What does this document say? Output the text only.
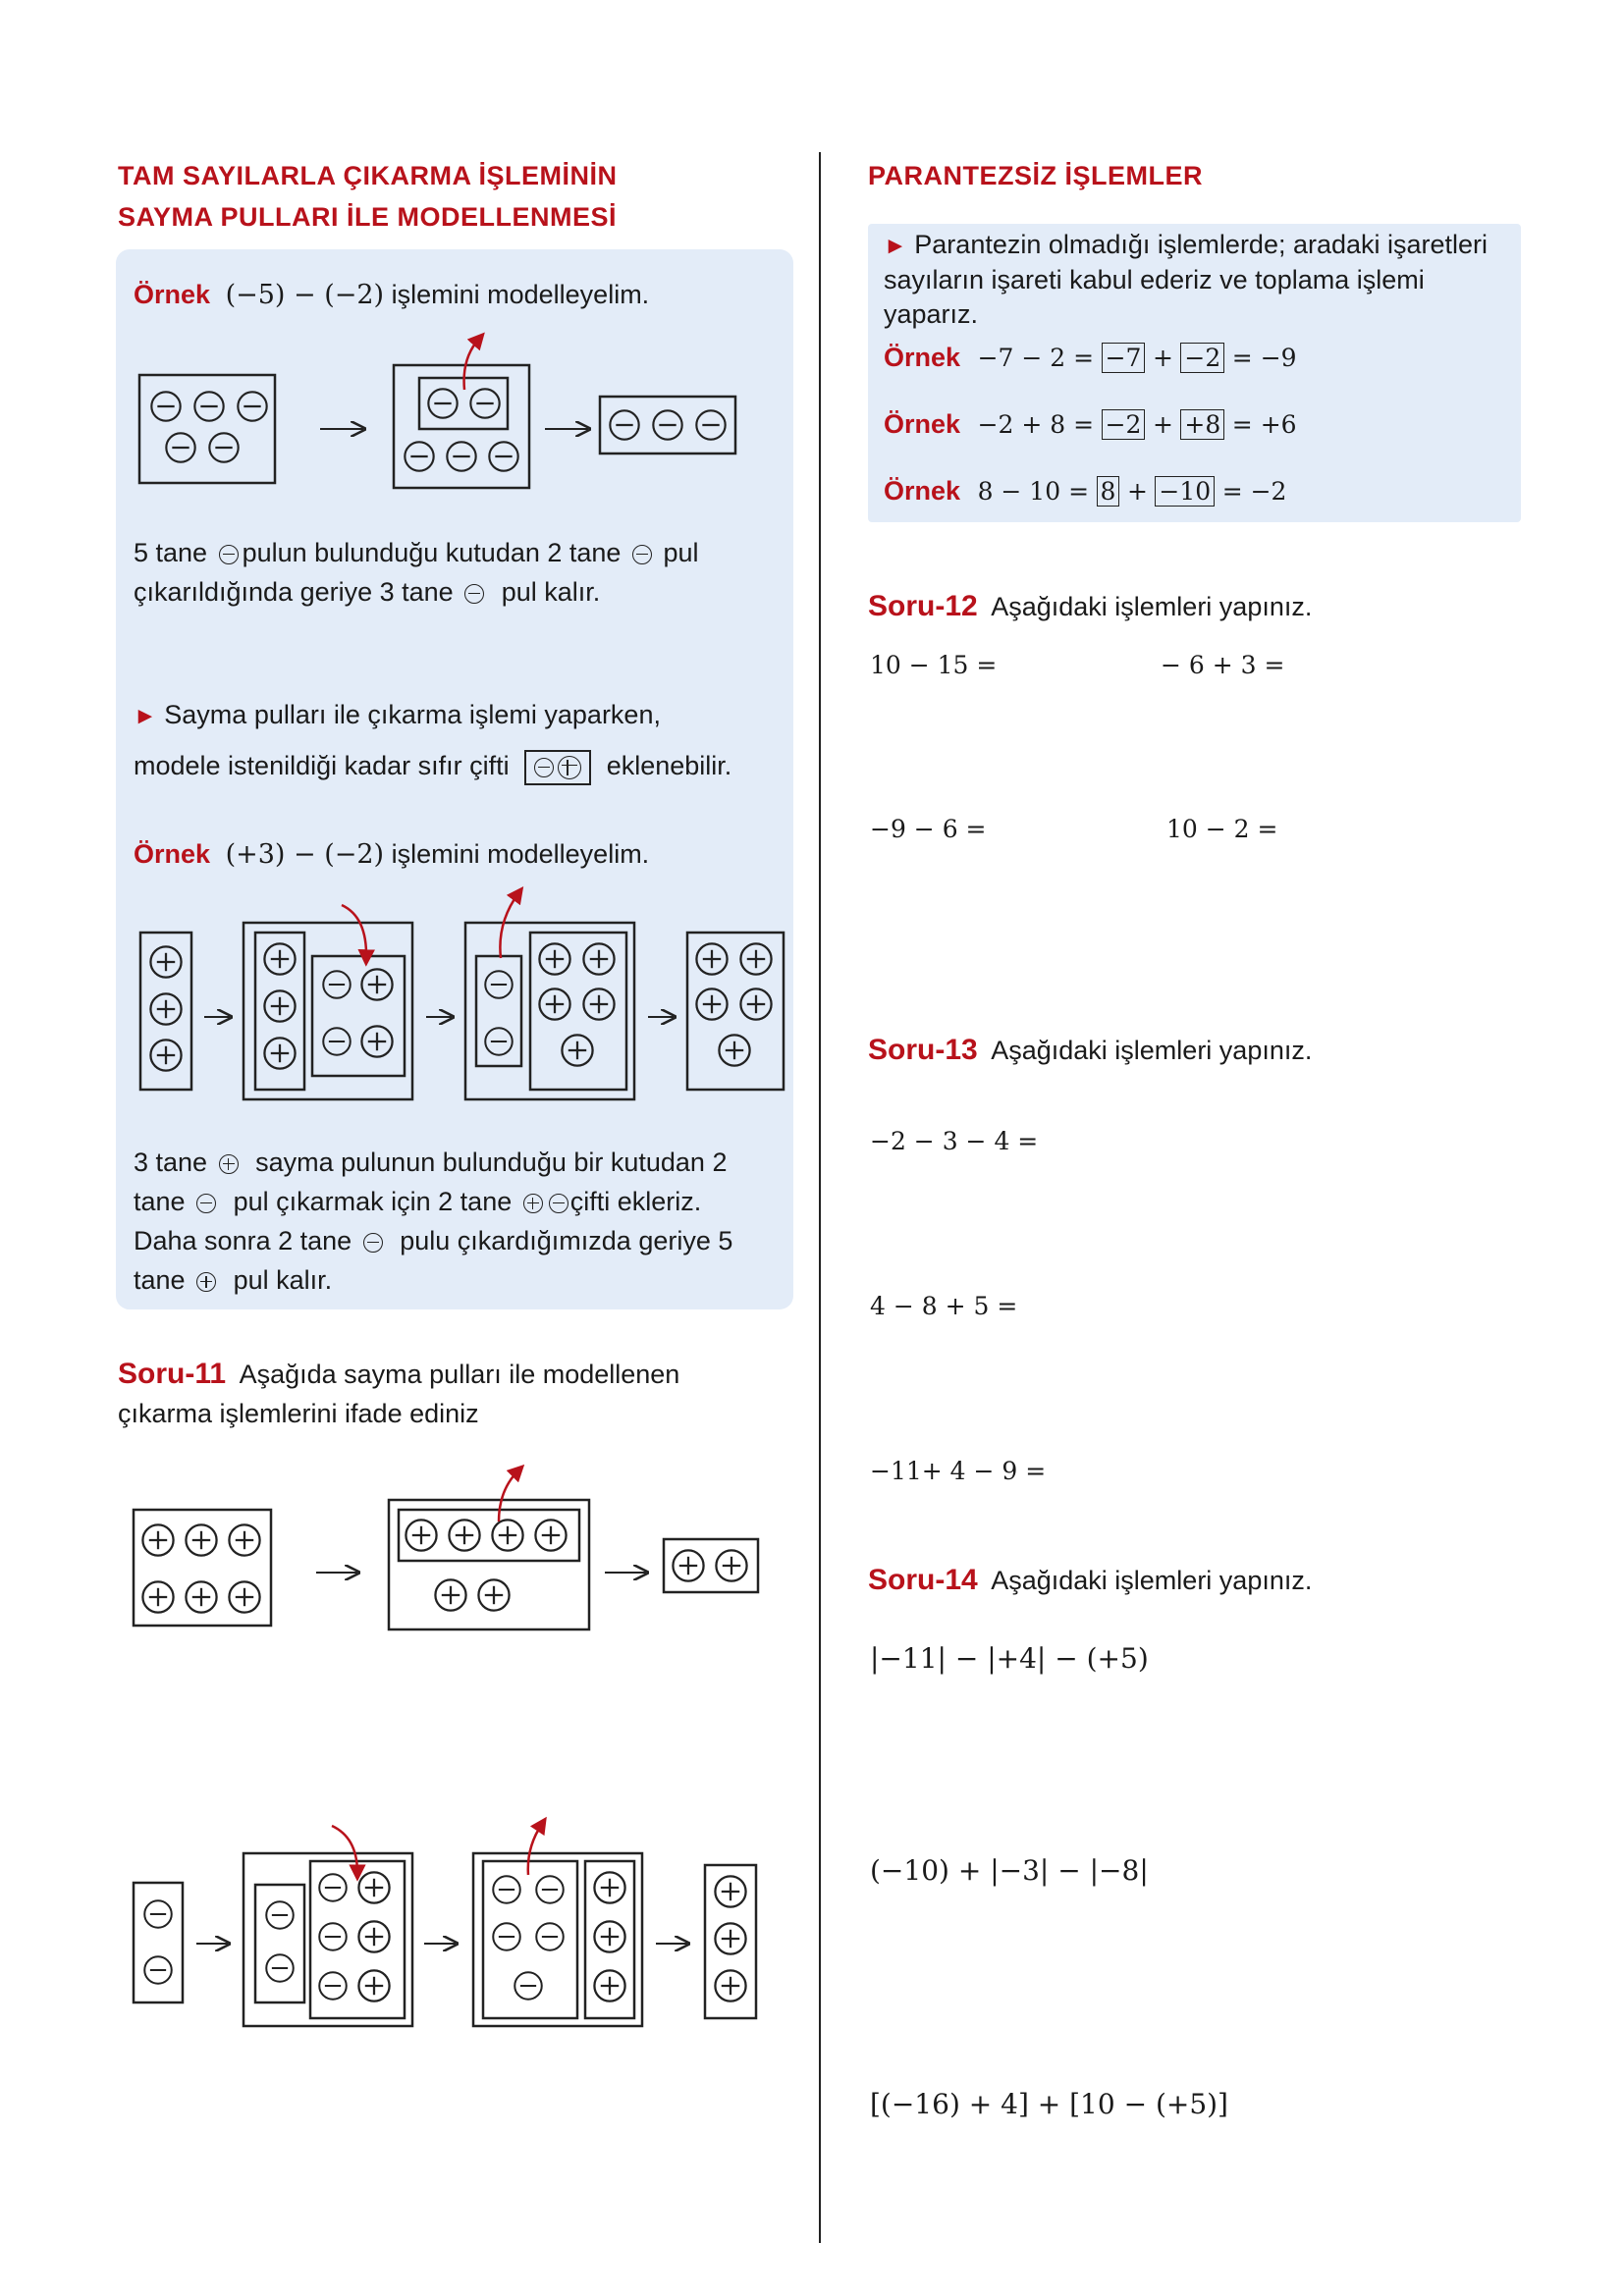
TAM SAYILARLA ÇIKARMA İŞLEMİNİN
SAYMA PULLARI İLE MODELLENMESİ
Örnek (−5) − (−2) işlemini modelleyelim.
5 tane pulun bulunduğu kutudan 2 tane pul
çıkarıldığında geriye 3 tane pul kalır.
► Sayma pulları ile çıkarma işlemi yaparken,
modele istenildiği kadar sıfır çifti	eklenebilir.
Örnek (+3) − (−2) işlemini modelleyelim.
3 tane sayma pulunun bulunduğu bir kutudan 2
tane pul çıkarmak için 2 tane çifti ekleriz.
Daha sonra 2 tane pulu çıkardığımızda geriye 5
tane pul kalır.
Soru-11 Aşağıda sayma pulları ile modellenen
çıkarma işlemlerini ifade ediniz
PARANTEZSİZ İŞLEMLER
► Parantezin olmadığı işlemlerde; aradaki işaretleri
sayıların işareti kabul ederiz ve toplama işlemi
yaparız.
Örnek −7 − 2 = −7 + −2 = −9
Örnek −2 + 8 = −2 + +8 = +6
Örnek 8 − 10 = 8 + −10 = −2
Soru-12 Aşağıdaki işlemleri yapınız.
10 − 15 =	− 6 + 3 =
−9 − 6 =	10 − 2 =
Soru-13 Aşağıdaki işlemleri yapınız.
−2 − 3 − 4 =
4 − 8 + 5 =
−11+ 4 − 9 =
Soru-14 Aşağıdaki işlemleri yapınız.
|−11| − |+4| − (+5)
(−10) + |−3| − |−8|
[(−16) + 4] + [10 − (+5)]
